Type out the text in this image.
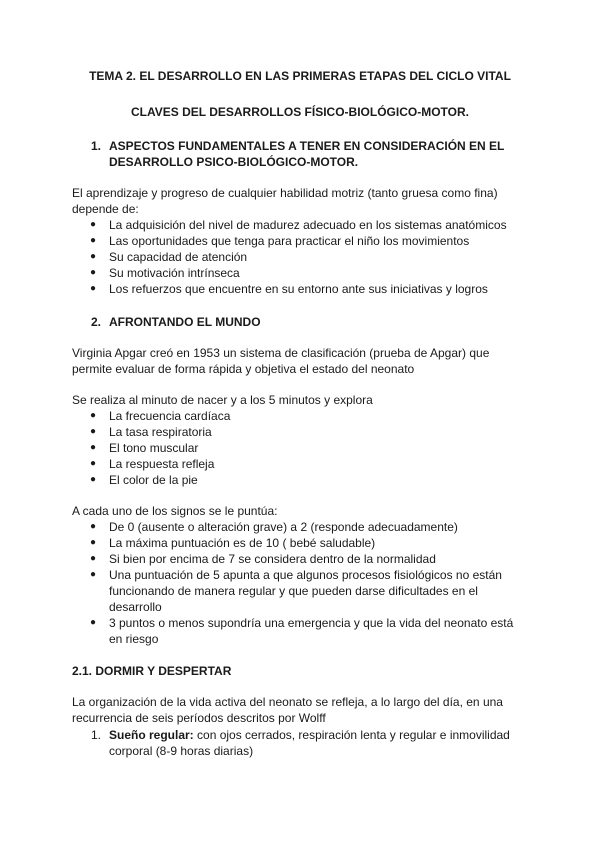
TEMA 2. EL DESARROLLO EN LAS PRIMERAS ETAPAS DEL CICLO VITAL
CLAVES DEL DESARROLLOS FÍSICO-BIOLÓGICO-MOTOR.
1. ASPECTOS FUNDAMENTALES A TENER EN CONSIDERACIÓN EN EL
DESARROLLO PSICO-BIOLÓGICO-MOTOR.
El aprendizaje y progreso de cualquier habilidad motriz (tanto gruesa como fina)
depende de:
● La adquisición del nivel de madurez adecuado en los sistemas anatómicos
● Las oportunidades que tenga para practicar el niño los movimientos
● Su capacidad de atención
● Su motivación intrínseca
● Los refuerzos que encuentre en su entorno ante sus iniciativas y logros
2. AFRONTANDO EL MUNDO
Virginia Apgar creó en 1953 un sistema de clasificación (prueba de Apgar) que
permite evaluar de forma rápida y objetiva el estado del neonato
Se realiza al minuto de nacer y a los 5 minutos y explora
● La frecuencia cardíaca
● La tasa respiratoria
● El tono muscular
● La respuesta refleja
● El color de la pie
A cada uno de los signos se le puntúa:
● De 0 (ausente o alteración grave) a 2 (responde adecuadamente)
● La máxima puntuación es de 10 ( bebé saludable)
● Si bien por encima de 7 se considera dentro de la normalidad
● Una puntuación de 5 apunta a que algunos procesos fisiológicos no están
funcionando de manera regular y que pueden darse dificultades en el
desarrollo
● 3 puntos o menos supondría una emergencia y que la vida del neonato está
en riesgo
2.1. DORMIR Y DESPERTAR
La organización de la vida activa del neonato se refleja, a lo largo del día, en una
recurrencia de seis períodos descritos por Wolff
1. Sueño regular: con ojos cerrados, respiración lenta y regular e inmovilidad
corporal (8-9 horas diarias)
